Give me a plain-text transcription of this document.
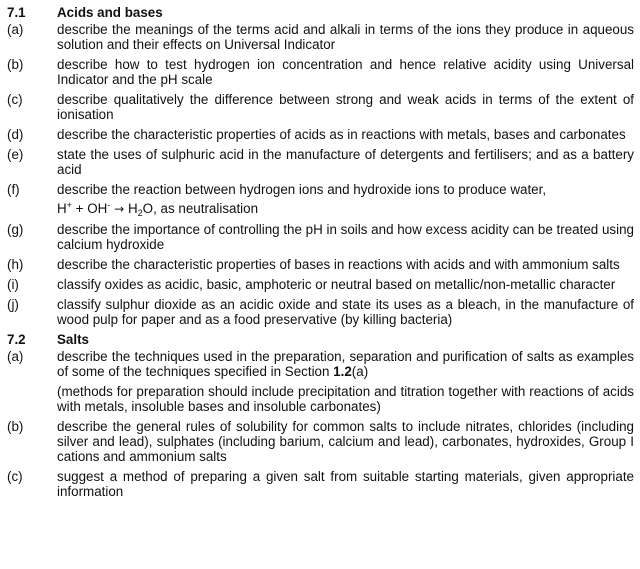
7.1	Acids and bases
(a)	describe the meanings of the terms acid and alkali in terms of the ions they produce in aqueous solution and their effects on Universal Indicator
(b)	describe how to test hydrogen ion concentration and hence relative acidity using Universal Indicator and the pH scale
(c)	describe qualitatively the difference between strong and weak acids in terms of the extent of ionisation
(d)	describe the characteristic properties of acids as in reactions with metals, bases and carbonates
(e)	state the uses of sulphuric acid in the manufacture of detergents and fertilisers; and as a battery acid
(f)	describe the reaction between hydrogen ions and hydroxide ions to produce water,
$H^+ + OH^- \to H_2O$, as neutralisation
(g)	describe the importance of controlling the pH in soils and how excess acidity can be treated using calcium hydroxide
(h)	describe the characteristic properties of bases in reactions with acids and with ammonium salts
(i)	classify oxides as acidic, basic, amphoteric or neutral based on metallic/non-metallic character
(j)	classify sulphur dioxide as an acidic oxide and state its uses as a bleach, in the manufacture of wood pulp for paper and as a food preservative (by killing bacteria)
7.2	Salts
(a)	describe the techniques used in the preparation, separation and purification of salts as examples of some of the techniques specified in Section 1.2(a)
(methods for preparation should include precipitation and titration together with reactions of acids with metals, insoluble bases and insoluble carbonates)
(b)	describe the general rules of solubility for common salts to include nitrates, chlorides (including silver and lead), sulphates (including barium, calcium and lead), carbonates, hydroxides, Group I cations and ammonium salts
(c)	suggest a method of preparing a given salt from suitable starting materials, given appropriate information
